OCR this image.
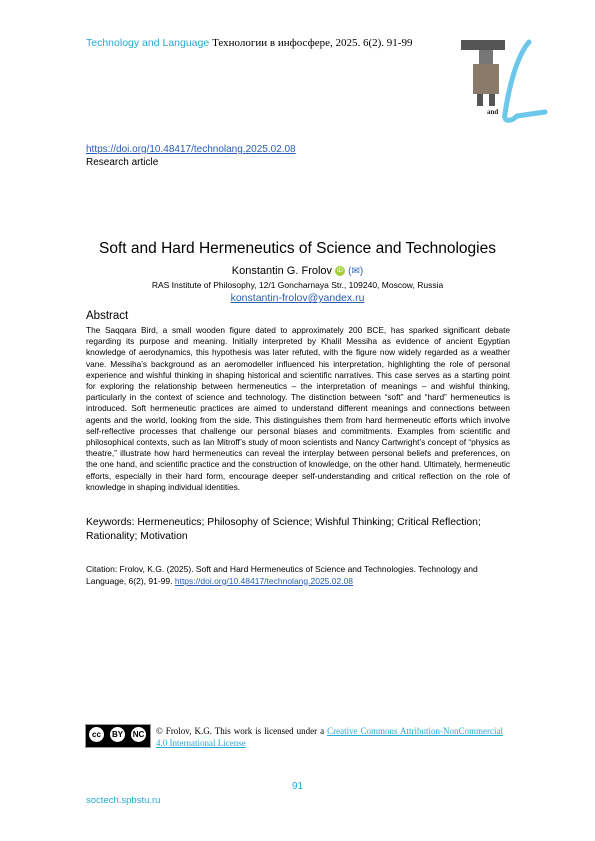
Technology and Language Технологии в инфосфере, 2025. 6(2). 91-99
and
https://doi.org/10.48417/technolang.2025.02.08
Research article
Soft and Hard Hermeneutics of Science and Technologies
Konstantin G. Frolov iD (✉)
RAS Institute of Philosophy, 12/1 Goncharnaya Str., 109240, Moscow, Russia
konstantin-frolov@yandex.ru
Abstract
The Saqqara Bird, a small wooden figure dated to approximately 200 BCE, has sparked significant debate regarding its purpose and meaning. Initially interpreted by Khalil Messiha as evidence of ancient Egyptian knowledge of aerodynamics, this hypothesis was later refuted, with the figure now widely regarded as a weather vane. Messiha’s background as an aeromodeller influenced his interpretation, highlighting the role of personal experience and wishful thinking in shaping historical and scientific narratives. This case serves as a starting point for exploring the relationship between hermeneutics – the interpretation of meanings – and wishful thinking, particularly in the context of science and technology. The distinction between “soft” and “hard” hermeneutics is introduced. Soft hermeneutic practices are aimed to understand different meanings and connections between agents and the world, looking from the side. This distinguishes them from hard hermeneutic efforts which involve self-reflective processes that challenge our personal biases and commitments. Examples from scientific and philosophical contexts, such as Ian Mitroff’s study of moon scientists and Nancy Cartwright’s concept of “physics as theatre,” illustrate how hard hermeneutics can reveal the interplay between personal beliefs and preferences, on the one hand, and scientific practice and the construction of knowledge, on the other hand. Ultimately, hermeneutic efforts, especially in their hard form, encourage deeper self-understanding and critical reflection on the role of knowledge in shaping individual identities.
Keywords: Hermeneutics; Philosophy of Science; Wishful Thinking; Critical Reflection; Rationality; Motivation
Citation: Frolov, K.G. (2025). Soft and Hard Hermeneutics of Science and Technologies. Technology and Language, 6(2), 91-99. https://doi.org/10.48417/technolang.2025.02.08
cc	BY NC © Frolov, K.G. This work is licensed under a Creative Commons Attribution-NonCommercial 4.0 International License
91
soctech.spbstu.ru
